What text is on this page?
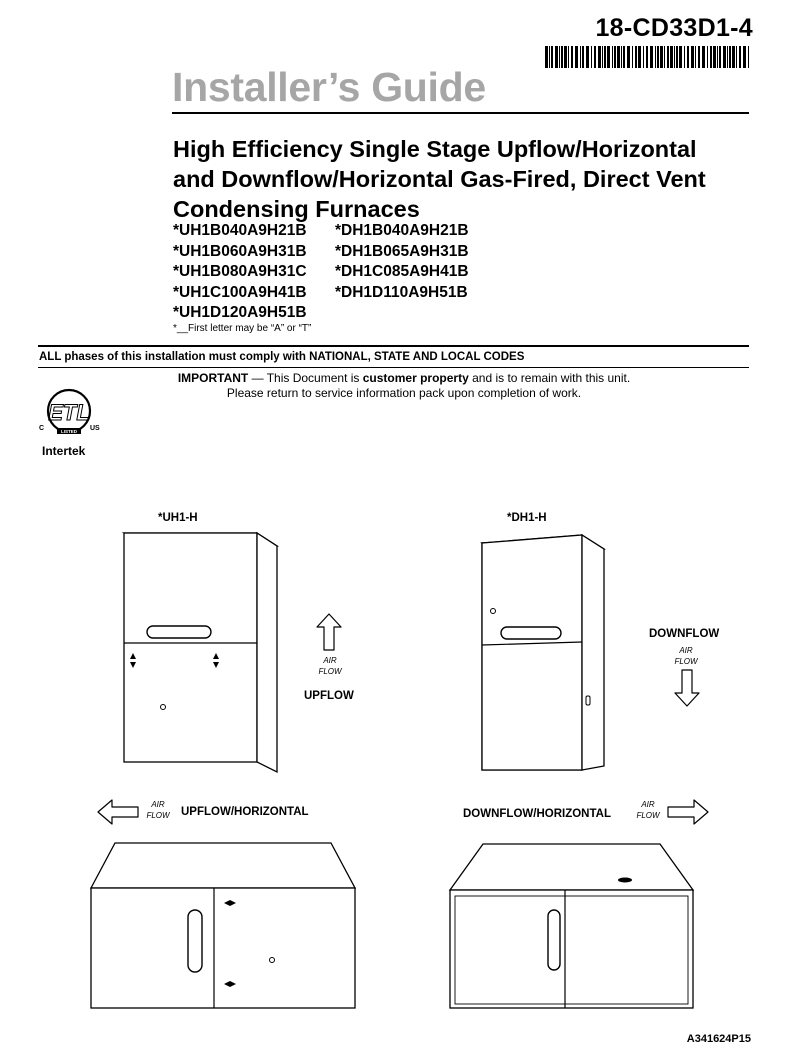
18-CD33D1-4
Installer’s Guide
High Efficiency Single Stage Upflow/Horizontal
and Downflow/Horizontal Gas-Fired, Direct Vent
Condensing Furnaces
*UH1B040A9H21B
*UH1B060A9H31B
*UH1B080A9H31C
*UH1C100A9H41B
*UH1D120A9H51B
*DH1B040A9H21B
*DH1B065A9H31B
*DH1C085A9H41B
*DH1D110A9H51B
*__First letter may be “A” or “T”
ALL phases of this installation must comply with NATIONAL, STATE AND LOCAL CODES
IMPORTANT — This Document is customer property and is to remain with this unit.
Please return to service information pack upon completion of work.
ETL
C	US
LISTED
Intertek
*UH1-H
AIR
FLOW
UPFLOW
*DH1-H
DOWNFLOW
AIR
FLOW
AIR
FLOW UPFLOW/HORIZONTAL	DOWNFLOW/HORIZONTAL
AIR
FLOW
A341624P15
